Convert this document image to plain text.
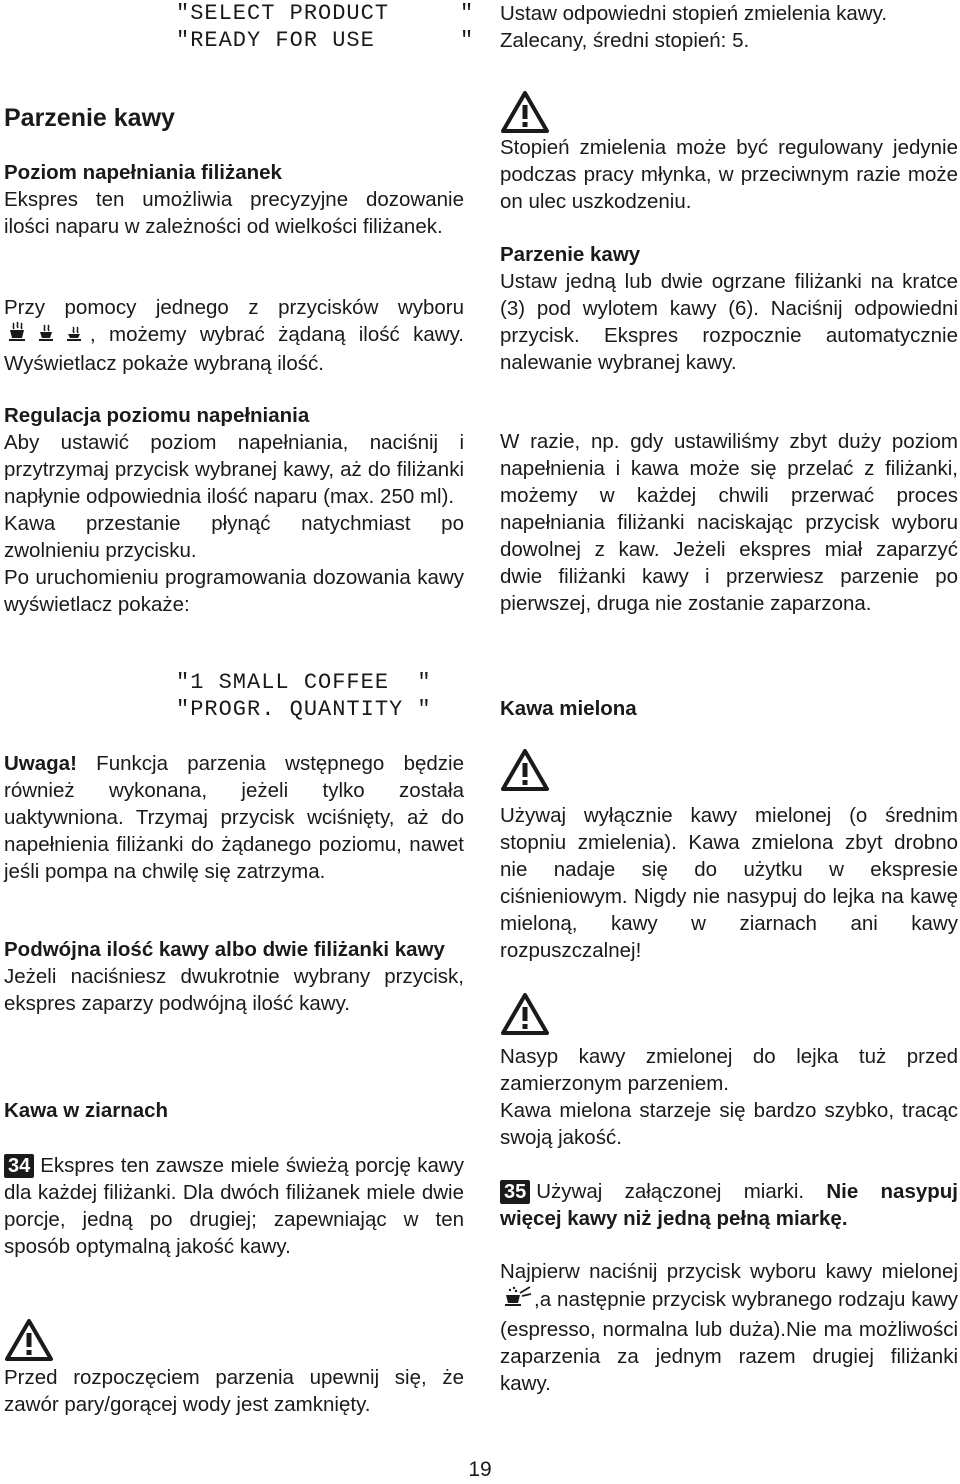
"SELECT PRODUCT     "
"READY FOR USE      "
Parzenie kawy

Poziom napełniania filiżanek

Ekspres ten umożliwia precyzyjne dozowanie ilości naparu w zależności od wielkości filiżanek.

Przy pomocy jednego z przycisków wyboru , możemy wybrać żądaną ilość kawy. Wyświetlacz pokaże wybraną ilość.

Regulacja poziomu napełniania

Aby ustawić poziom napełniania, naciśnij i przytrzymaj przycisk wybranej kawy, aż do filiżanki napłynie odpowiednia ilość naparu (max. 250 ml).

Kawa przestanie płynąć natychmiast po zwolnieniu przycisku.

Po uruchomieniu programowania dozowania kawy wyświetlacz pokaże:

"1 SMALL COFFEE  "
"PROGR. QUANTITY "

Uwaga! Funkcja parzenia wstępnego będzie również wykonana, jeżeli tylko została uaktywniona. Trzymaj przycisk wciśnięty, aż do napełnienia filiżanki do żądanego poziomu, nawet jeśli pompa na chwilę się zatrzyma.

Podwójna ilość kawy albo dwie filiżanki kawy

Jeżeli naciśniesz dwukrotnie wybrany przycisk, ekspres zaparzy podwójną ilość kawy.

Kawa w ziarnach

34 Ekspres ten zawsze miele świeżą porcję kawy dla każdej filiżanki. Dla dwóch filiżanek miele dwie porcje, jedną po drugiej; zapewniając w ten sposób optymalną jakość kawy.

Przed rozpoczęciem parzenia upewnij się, że zawór pary/gorącej wody jest zamknięty.

Ustaw odpowiedni stopień zmielenia kawy. Zalecany, średni stopień: 5.

Stopień zmielenia może być regulowany jedynie podczas pracy młynka, w przeciwnym razie może on ulec uszkodzeniu.

Parzenie kawy

Ustaw jedną lub dwie ogrzane filiżanki na kratce (3) pod wylotem kawy (6). Naciśnij odpowiedni przycisk. Ekspres rozpocznie automatycznie nalewanie wybranej kawy.

W razie, np. gdy ustawiliśmy zbyt duży poziom napełnienia i kawa może się przelać z filiżanki, możemy w każdej chwili przerwać proces napełniania filiżanki naciskając przycisk wyboru dowolnej z kaw. Jeżeli ekspres miał zaparzyć dwie filiżanki kawy i przerwiesz parzenie po pierwszej, druga nie zostanie zaparzona.

Kawa mielona

Używaj wyłącznie kawy mielonej (o średnim stopniu zmielenia). Kawa zmielona zbyt drobno nie nadaje się do użytku w ekspresie ciśnieniowym. Nigdy nie nasypuj do lejka na kawę mieloną, kawy w ziarnach ani kawy rozpuszczalnej!

Nasyp kawy zmielonej do lejka tuż przed zamierzonym parzeniem.

Kawa mielona starzeje się bardzo szybko, tracąc swoją jakość.

35 Używaj załączonej miarki. Nie nasypuj więcej kawy niż jedną pełną miarkę.

Najpierw naciśnij przycisk wyboru kawy mielonej ,a następnie przycisk wybranego rodzaju kawy (espresso, normalna lub duża).Nie ma możliwości zaparzenia za jednym razem drugiej filiżanki kawy.

19
